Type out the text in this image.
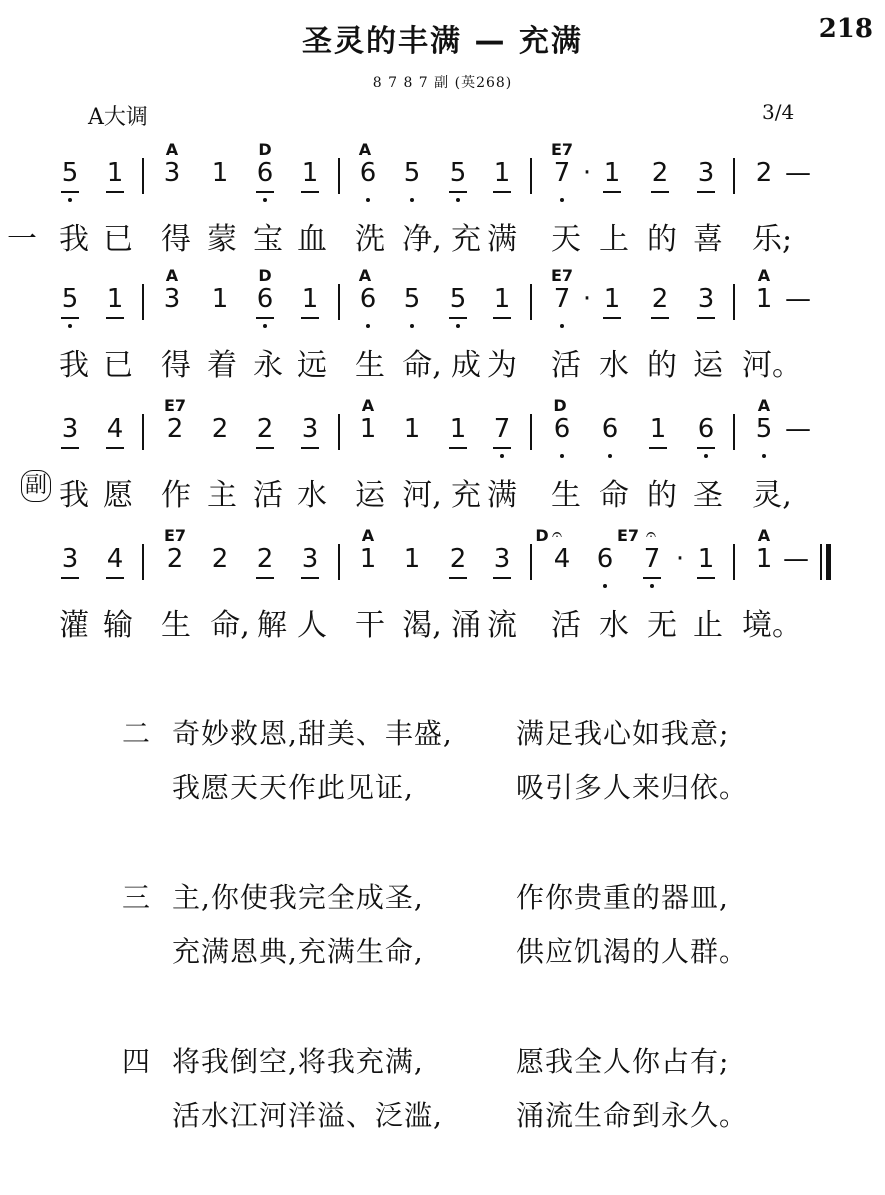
圣灵的丰满 — 充满	218
8 7 8 7 副 (英268)
A大调	3/4
A	D	A	E7
5 1 3 1 6 1 6 5 5 1 7 · 1 2 3 2 —
一 我 已 得 蒙 宝 血 洗 净, 充 满 天 上 的 喜 乐;
A	D	A	E7	A
5 1 3 1 6 1 6 5 5 1 7 · 1 2 3 1 —
我 已 得 着 永 远 生 命, 成 为 活 水 的 运 河。
E7	A	D	A
3 4 2 2 2 3 1 1 1 7 6 6 1 6 5 —
副 我 愿 作 主 活 水 运 河, 充 满 生 命 的 圣 灵,
E7	A	D 𝄐	E7 𝄐	A
3 4 2 2 2 3 1 1 2 3 4 6 7 · 1 1 —
灌 输 生 命, 解 人 干 渴, 涌 流 活 水 无 止 境。
二 奇妙救恩,甜美、丰盛, 满足我心如我意;
我愿天天作此见证,	吸引多人来归依。
三 主,你使我完全成圣,	作你贵重的器皿,
充满恩典,充满生命,	供应饥渴的人群。
四 将我倒空,将我充满,	愿我全人你占有;
活水江河洋溢、泛滥,	涌流生命到永久。
